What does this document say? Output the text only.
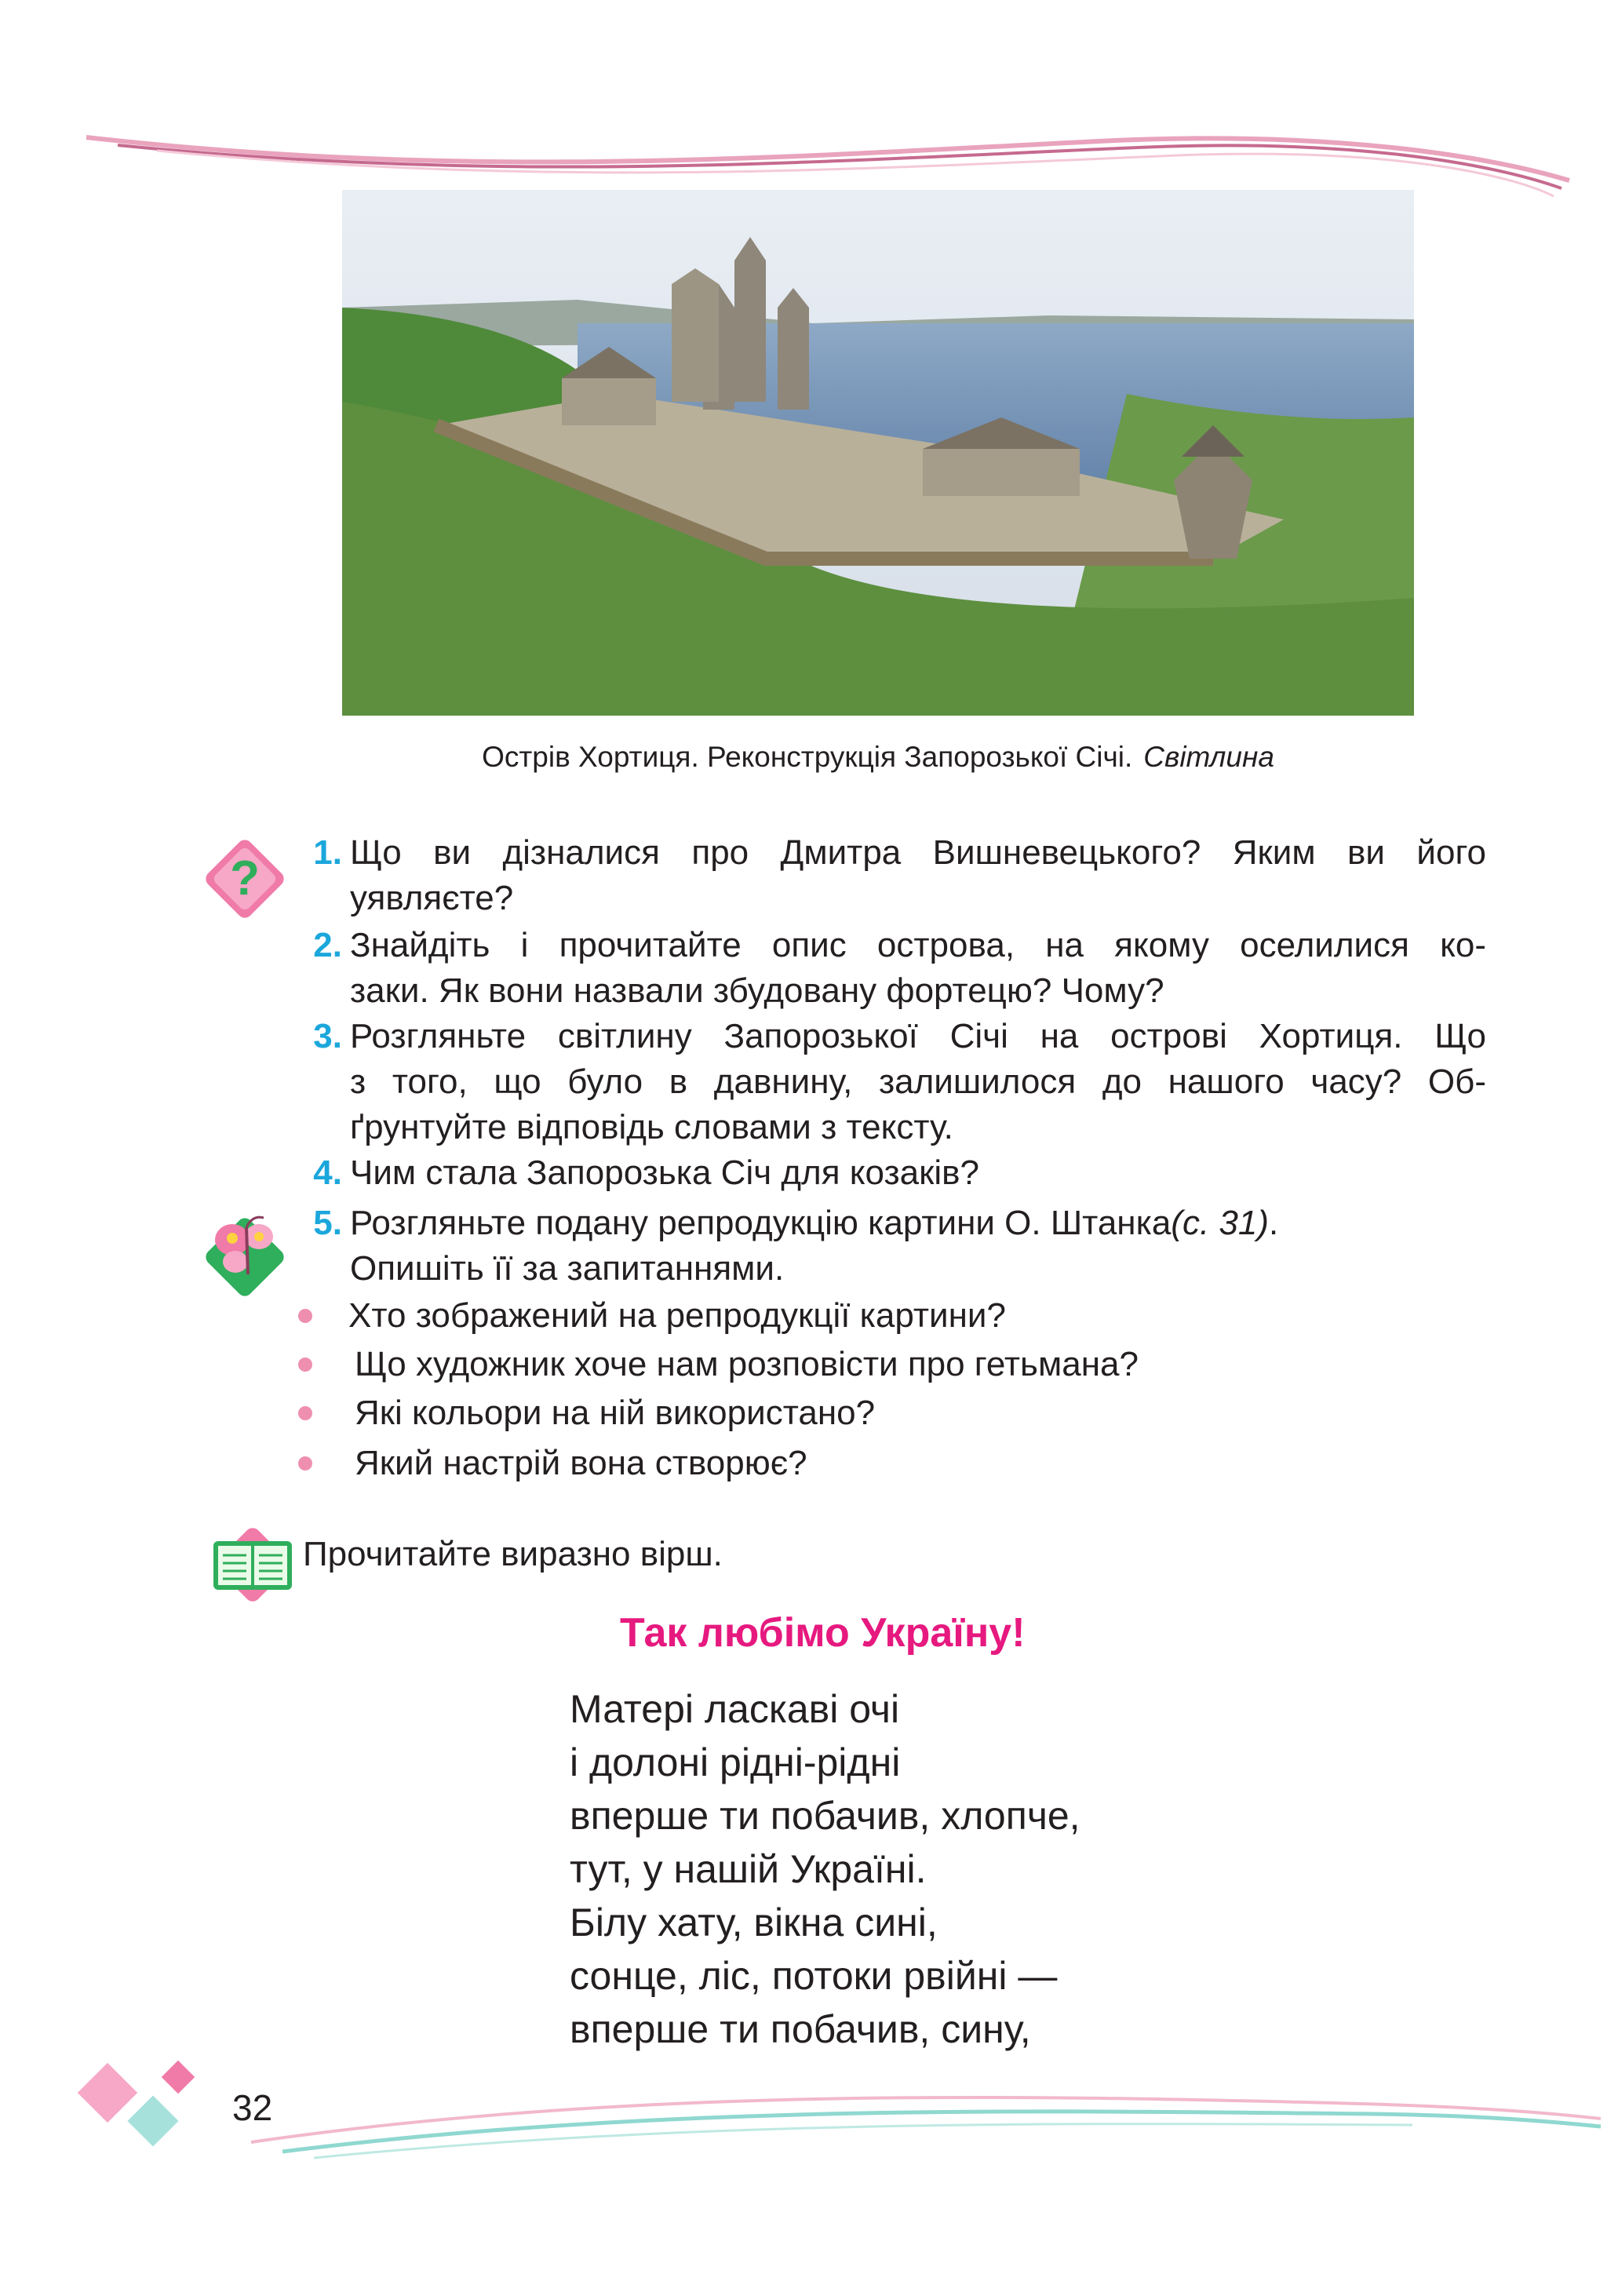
Острів Хортиця. Реконструкція Запорозької Січі. Світлина
?	1. Що ви дізналися про Дмитра Вишневецького? Яким ви його
уявляєте?
2. Знайдіть і прочитайте опис острова, на якому оселилися ко-
заки. Як вони назвали збудовану фортецю? Чому?
3. Розгляньте світлину Запорозької Січі на острові Хортиця. Що
з того, що було в давнину, залишилося до нашого часу? Об-
ґрунтуйте відповідь словами з тексту.
4. Чим стала Запорозька Січ для козаків?
5. Розгляньте подану репродукцію картини О. Штанка(с. 31).
Опишіть її за запитаннями.
Хто зображений на репродукції картини?
Що художник хоче нам розповісти про гетьмана?
Які кольори на ній використано?
Який настрій вона створює?
Прочитайте виразно вірш.
Так любімо Україну!
Матері ласкаві очі
і долоні рідні-рідні
вперше ти побачив, хлопче,
тут, у нашій Україні.
Білу хату, вікна сині,
сонце, ліс, потоки рвійні —
вперше ти побачив, сину,
32
